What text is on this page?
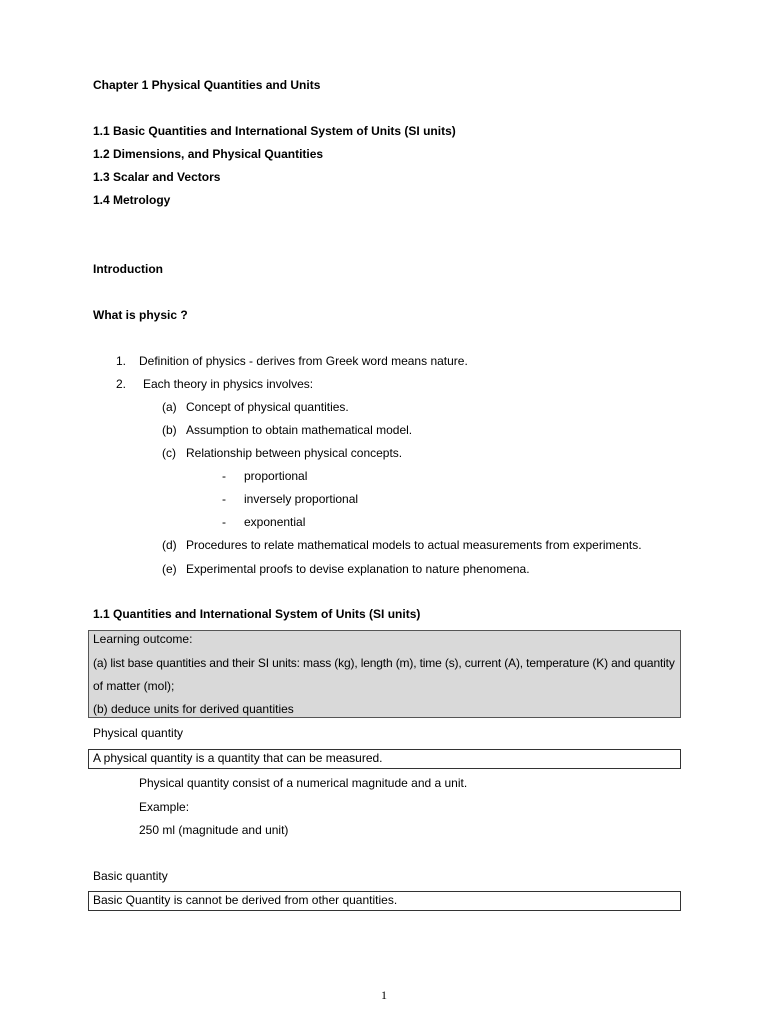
Chapter 1 Physical Quantities and Units
1.1 Basic Quantities and International System of Units (SI units)
1.2 Dimensions, and Physical Quantities
1.3 Scalar and Vectors
1.4 Metrology
Introduction
What is physic ?
1. Definition of physics - derives from Greek word means nature.
2. Each theory in physics involves:
(a) Concept of physical quantities.
(b) Assumption to obtain mathematical model.
(c) Relationship between physical concepts.
- proportional
- inversely proportional
- exponential
(d) Procedures to relate mathematical models to actual measurements from experiments.
(e) Experimental proofs to devise explanation to nature phenomena.
1.1 Quantities and International System of Units (SI units)
Learning outcome:
(a) list base quantities and their SI units: mass (kg), length (m), time (s), current (A), temperature (K) and quantity
of matter (mol);
(b) deduce units for derived quantities
Physical quantity
A physical quantity is a quantity that can be measured.
Physical quantity consist of a numerical magnitude and a unit.
Example:
250 ml (magnitude and unit)
Basic quantity
Basic Quantity is cannot be derived from other quantities.
1
